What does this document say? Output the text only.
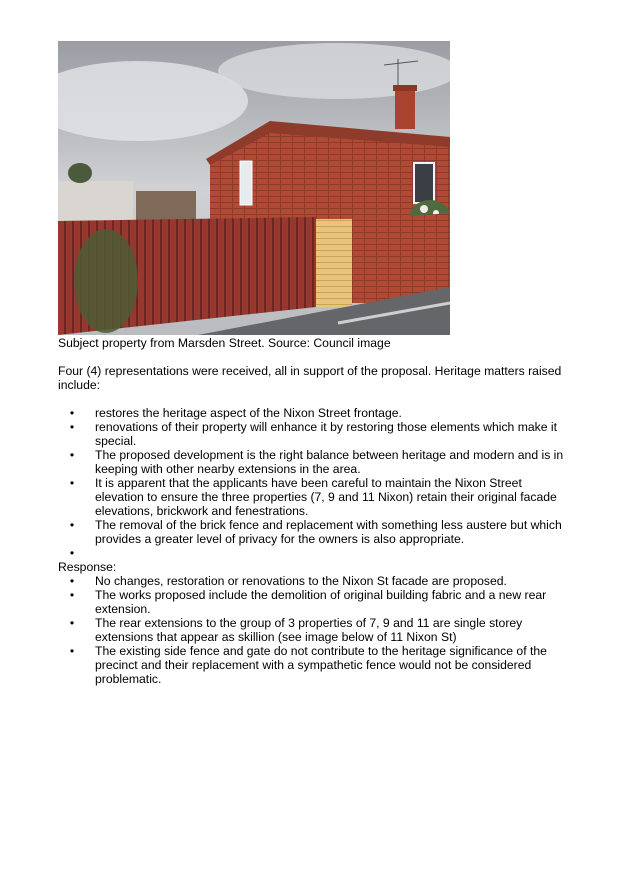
Subject property from Marsden Street. Source: Council image

Four (4) representations were received, all in support of the proposal. Heritage matters raised include:

• restores the heritage aspect of the Nixon Street frontage.
• renovations of their property will enhance it by restoring those elements which make it special.
• The proposed development is the right balance between heritage and modern and is in keeping with other nearby extensions in the area.
• It is apparent that the applicants have been careful to maintain the Nixon Street elevation to ensure the three properties (7, 9 and 11 Nixon) retain their original facade elevations, brickwork and fenestrations.
• The removal of the brick fence and replacement with something less austere but which provides a greater level of privacy for the owners is also appropriate.
•

Response:

• No changes, restoration or renovations to the Nixon St facade are proposed.
• The works proposed include the demolition of original building fabric and a new rear extension.
• The rear extensions to the group of 3 properties of 7, 9 and 11 are single storey extensions that appear as skillion (see image below of 11 Nixon St)
• The existing side fence and gate do not contribute to the heritage significance of the precinct and their replacement with a sympathetic fence would not be considered problematic.
